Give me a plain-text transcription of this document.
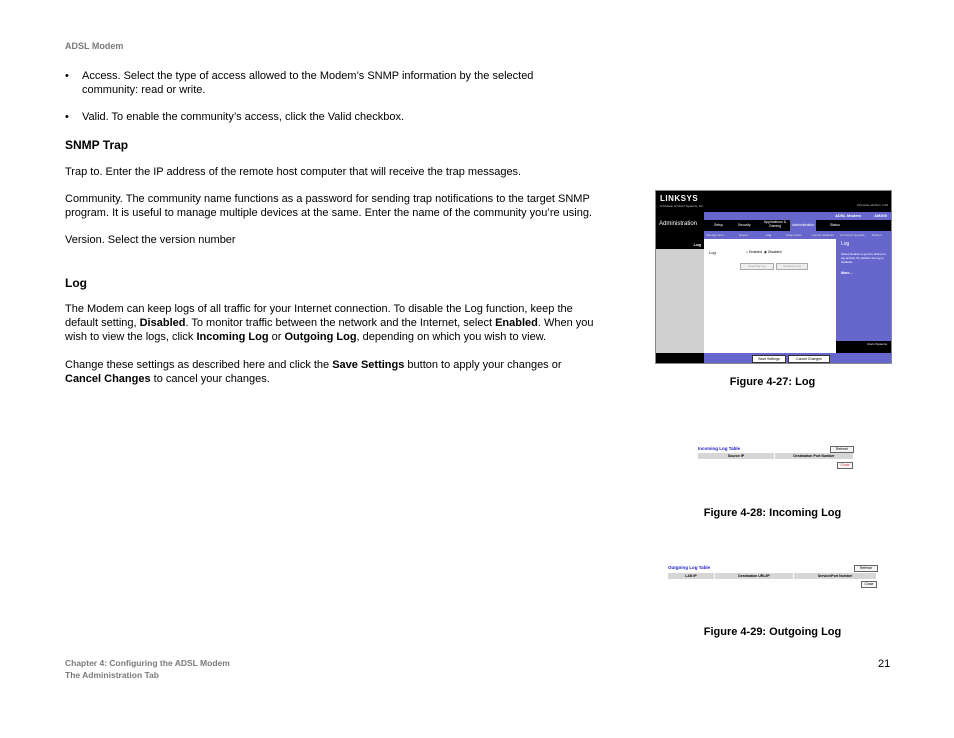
ADSL Modem
• Access. Select the type of access allowed to the Modem’s SNMP information by the selected community: read or write.
• Valid. To enable the community’s access, click the Valid checkbox.
SNMP Trap
Trap to. Enter the IP address of the remote host computer that will receive the trap messages.
Community. The community name functions as a password for sending trap notifications to the target SNMP program. It is useful to manage multiple devices at the same. Enter the name of the community you’re using.
Version. Select the version number
Log
The Modem can keep logs of all traffic for your Internet connection. To disable the Log function, keep the default setting, Disabled. To monitor traffic between the network and the Internet, select Enabled. When you wish to view the logs, click Incoming Log or Outgoing Log, depending on which you wish to view.
Change these settings as described here and click the Save Settings button to apply your changes or Cancel Changes to cancel your changes.
LINKSYS
A Division of Cisco Systems, Inc.	Firmware Version: 1.00
Administration
ADSL Modem	AM200
Setup	Security
Applications & Gaming	Administration	Status
Management	Report	Log	Diagnostics	Factory Defaults Firmware Upgrade Reboot
Log
Log	○ Enabled ◉ Disabled
Incoming Log	Outgoing Log
Log
Select Enable to get the device to log activity. By default, the log is disabled.
More...
Cisco Systems
Save Settings	Cancel Changes
Figure 4-27: Log
Incoming Log Table	Refresh
Source IP	Destination Port Number
Close
Figure 4-28: Incoming Log
Outgoing Log Table	Refresh
LAN IP	Destination URL/IP	Service/Port Number
Close
Figure 4-29: Outgoing Log
Chapter 4: Configuring the ADSL Modem
The Administration Tab
21
